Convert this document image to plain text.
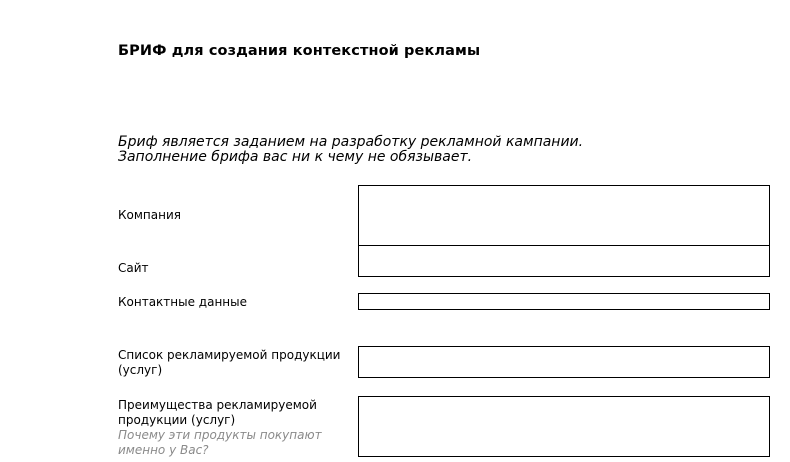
БРИФ для создания контекстной рекламы
Бриф является заданием на разработку рекламной кампании.
Заполнение брифа вас ни к чему не обязывает.
Компания
Сайт
Контактные данные
Список рекламируемой продукции
(услуг)
Преимущества рекламируемой
продукции (услуг)
Почему эти продукты покупают
именно у Вас?
